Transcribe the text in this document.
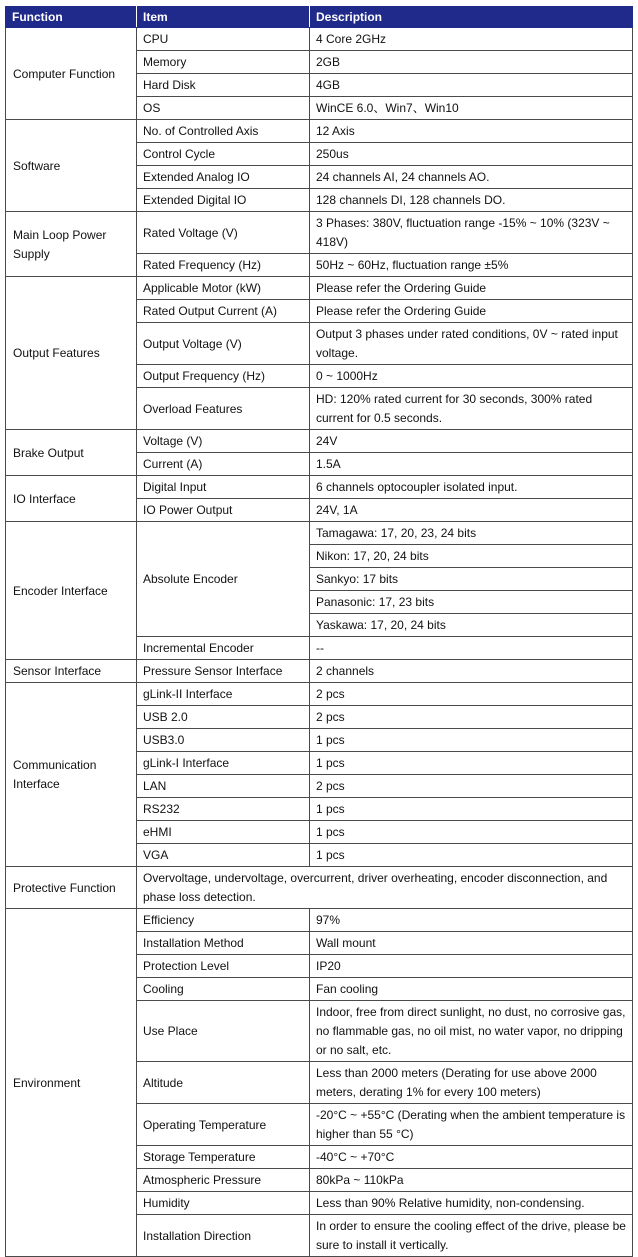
Function	Item	Description
Computer Function	CPU	4 Core 2GHz
	Memory	2GB
	Hard Disk	4GB
	OS	WinCE 6.0、Win7、Win10
Software	No. of Controlled Axis	12 Axis
	Control Cycle	250us
	Extended Analog IO	24 channels AI, 24 channels AO.
	Extended Digital IO	128 channels DI, 128 channels DO.
Main Loop Power Supply	Rated Voltage (V)	3 Phases: 380V, fluctuation range -15% ~ 10% (323V ~ 418V)
	Rated Frequency (Hz)	50Hz ~ 60Hz, fluctuation range ±5%
Output Features	Applicable Motor (kW)	Please refer the Ordering Guide
	Rated Output Current (A)	Please refer the Ordering Guide
	Output Voltage (V)	Output 3 phases under rated conditions, 0V ~ rated input voltage.
	Output Frequency (Hz)	0 ~ 1000Hz
	Overload Features	HD: 120% rated current for 30 seconds, 300% rated current for 0.5 seconds.
Brake Output	Voltage (V)	24V
	Current (A)	1.5A
IO Interface	Digital Input	6 channels optocoupler isolated input.
	IO Power Output	24V, 1A
Encoder Interface	Absolute Encoder	Tamagawa: 17, 20, 23, 24 bits
		Nikon: 17, 20, 24 bits
		Sankyo: 17 bits
		Panasonic: 17, 23 bits
		Yaskawa: 17, 20, 24 bits
	Incremental Encoder	--
Sensor Interface	Pressure Sensor Interface	2 channels
Communication Interface	gLink-II Interface	2 pcs
	USB 2.0	2 pcs
	USB3.0	1 pcs
	gLink-I Interface	1 pcs
	LAN	2 pcs
	RS232	1 pcs
	eHMI	1 pcs
	VGA	1 pcs
Protective Function	Overvoltage, undervoltage, overcurrent, driver overheating, encoder disconnection, and phase loss detection.	
Environment	Efficiency	97%
	Installation Method	Wall mount
	Protection Level	IP20
	Cooling	Fan cooling
	Use Place	Indoor, free from direct sunlight, no dust, no corrosive gas, no flammable gas, no oil mist, no water vapor, no dripping or no salt, etc.
	Altitude	Less than 2000 meters (Derating for use above 2000 meters, derating 1% for every 100 meters)
	Operating Temperature	-20°C ~ +55°C (Derating when the ambient temperature is higher than 55 °C)
	Storage Temperature	-40°C ~ +70°C
	Atmospheric Pressure	80kPa ~ 110kPa
	Humidity	Less than 90% Relative humidity, non-condensing.
	Installation Direction	In order to ensure the cooling effect of the drive, please be sure to install it vertically.
